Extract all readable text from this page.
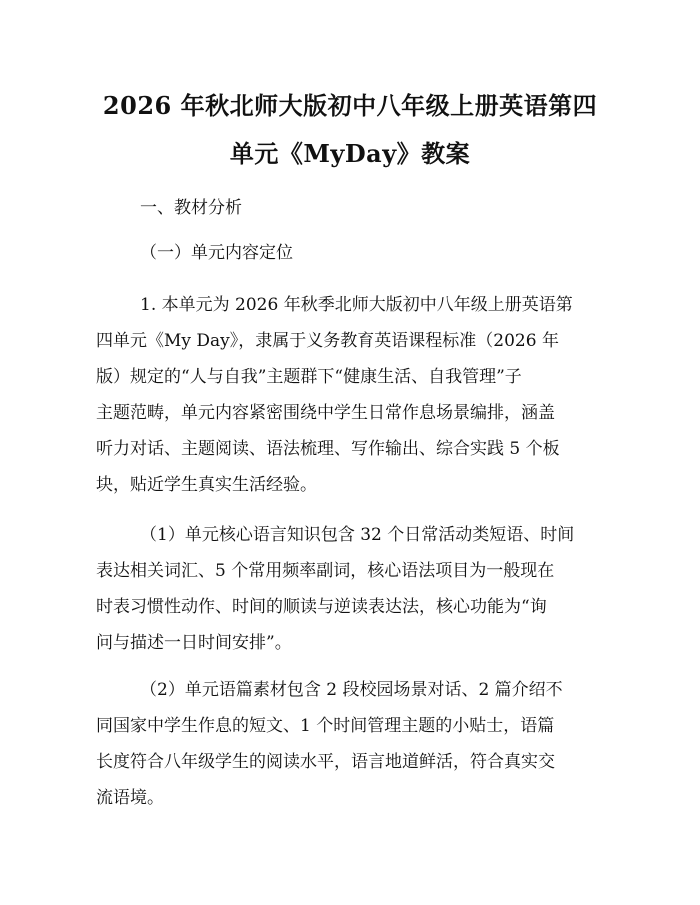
2026 年秋北师大版初中八年级上册英语第四
单元《MyDay》教案
一、教材分析
（一）单元内容定位
1. 本单元为 2026 年秋季北师大版初中八年级上册英语第
四单元《My Day》，隶属于义务教育英语课程标准（2026 年
版）规定的“人与自我”主题群下“健康生活、自我管理”子
主题范畴，单元内容紧密围绕中学生日常作息场景编排，涵盖
听力对话、主题阅读、语法梳理、写作输出、综合实践 5 个板
块，贴近学生真实生活经验。
（1）单元核心语言知识包含 32 个日常活动类短语、时间
表达相关词汇、5 个常用频率副词，核心语法项目为一般现在
时表习惯性动作、时间的顺读与逆读表达法，核心功能为“询
问与描述一日时间安排”。
（2）单元语篇素材包含 2 段校园场景对话、2 篇介绍不
同国家中学生作息的短文、1 个时间管理主题的小贴士，语篇
长度符合八年级学生的阅读水平，语言地道鲜活，符合真实交
流语境。
